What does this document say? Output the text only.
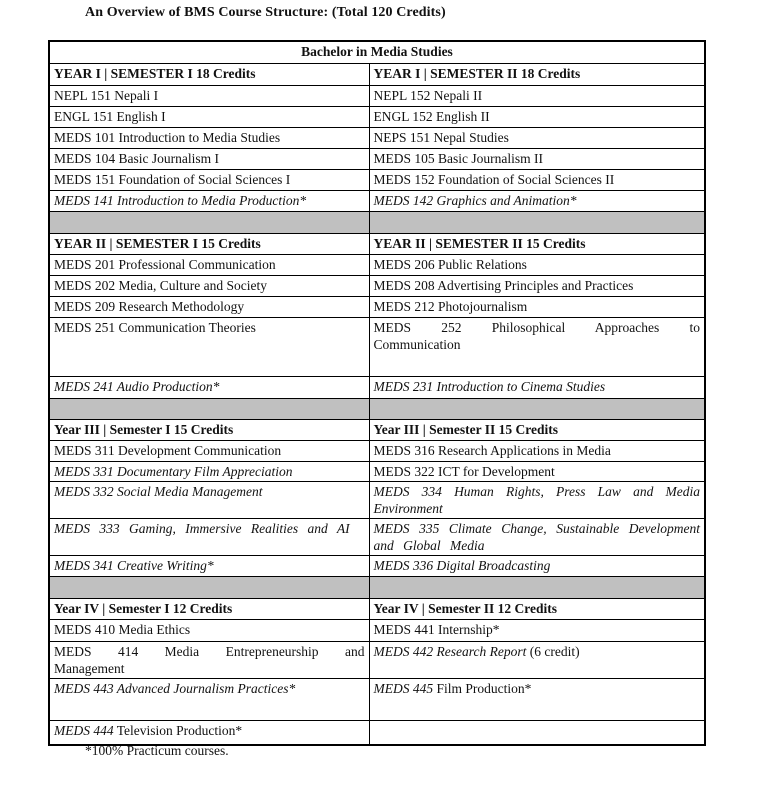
An Overview of BMS Course Structure: (Total 120 Credits)
Bachelor in Media Studies	
YEAR I | SEMESTER I 18 Credits	YEAR I | SEMESTER II 18 Credits
NEPL 151 Nepali I	NEPL 152 Nepali II
ENGL 151 English I	ENGL 152 English II
MEDS 101 Introduction to Media Studies	NEPS 151 Nepal Studies
MEDS 104 Basic Journalism I	MEDS 105 Basic Journalism II
MEDS 151 Foundation of Social Sciences I	MEDS 152 Foundation of Social Sciences II
MEDS 141 Introduction to Media Production*	MEDS 142 Graphics and Animation*

YEAR II | SEMESTER I 15 Credits	YEAR II | SEMESTER II 15 Credits
MEDS 201 Professional Communication	MEDS 206 Public Relations
MEDS 202 Media, Culture and Society	MEDS 208 Advertising Principles and Practices
MEDS 209 Research Methodology	MEDS 212 Photojournalism
MEDS 251 Communication Theories	MEDS 252 Philosophical Approaches to Communication
MEDS 241 Audio Production*	MEDS 231 Introduction to Cinema Studies

Year III | Semester I 15 Credits	Year III | Semester II 15 Credits
MEDS 311 Development Communication	MEDS 316 Research Applications in Media
MEDS 331 Documentary Film Appreciation	MEDS 322 ICT for Development
MEDS 332 Social Media Management	MEDS 334 Human Rights, Press Law and Media Environment
MEDS 333 Gaming, Immersive Realities and AI	MEDS 335 Climate Change, Sustainable Development and Global Media
MEDS 341 Creative Writing*	MEDS 336 Digital Broadcasting

Year IV | Semester I 12 Credits	Year IV | Semester II 12 Credits
MEDS 410 Media Ethics	MEDS 441 Internship*
MEDS 414 Media Entrepreneurship and Management	MEDS 442 Research Report (6 credit)
MEDS 443 Advanced Journalism Practices*	MEDS 445 Film Production*
MEDS 444 Television Production*	
*100% Practicum courses.
